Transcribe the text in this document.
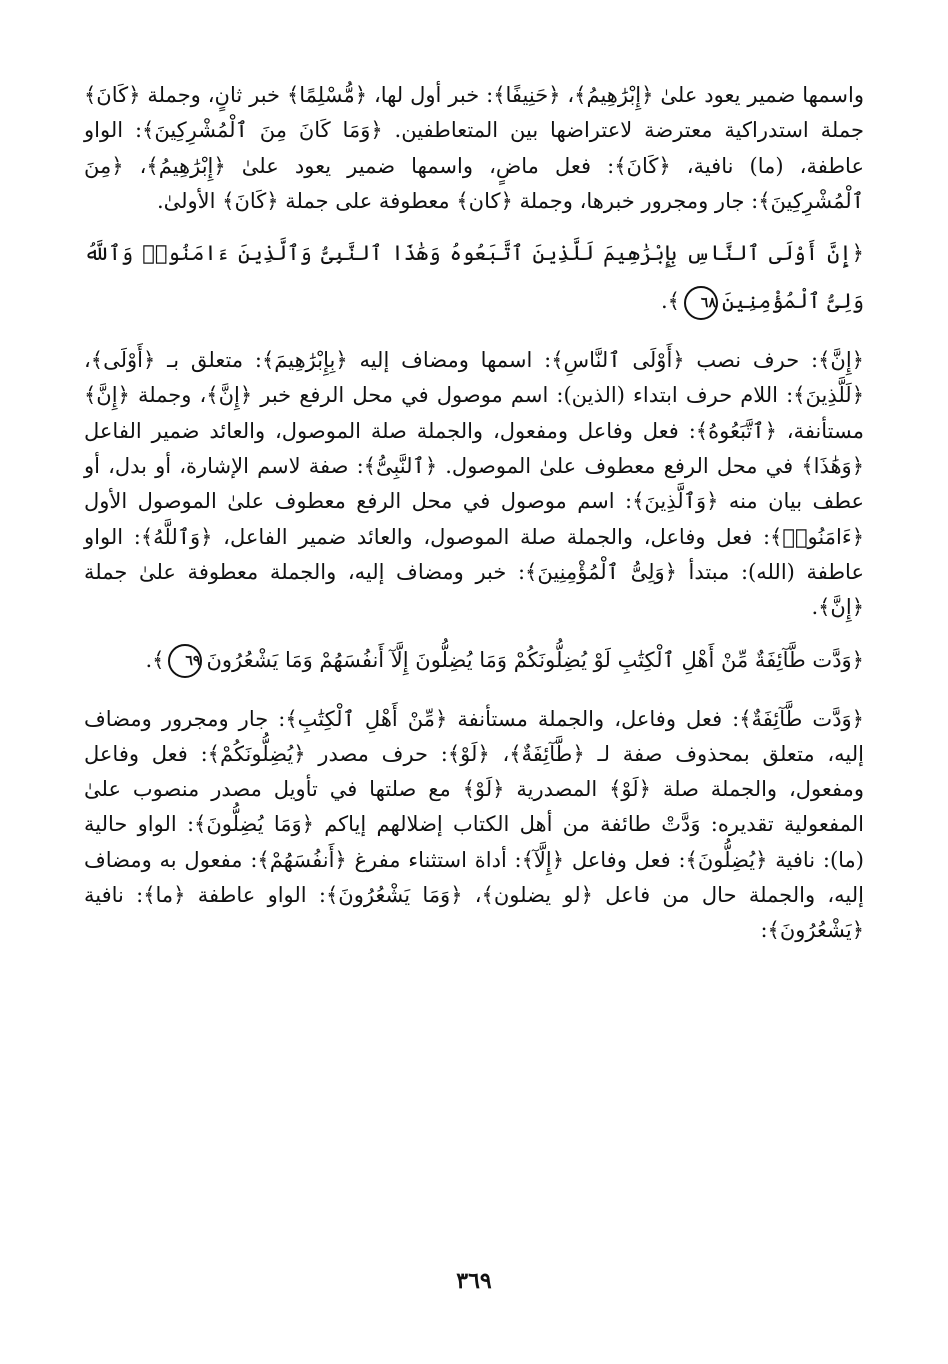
واسمها ضمير يعود علىٰ ﴿إِبْرَٰهِيمُ﴾، ﴿حَنِيفًا﴾: خبر أول لها، ﴿مُّسْلِمًا﴾ خبر ثانٍ، وجملة ﴿كَانَ﴾ جملة استدراكية معترضة لاعتراضها بين المتعاطفين. ﴿وَمَا كَانَ مِنَ ٱلْمُشْرِكِينَ﴾: الواو عاطفة، (ما) نافية، ﴿كَانَ﴾: فعل ماضٍ، واسمها ضمير يعود علىٰ ﴿إِبْرَٰهِيمُ﴾، ﴿مِنَ ٱلْمُشْرِكِينَ﴾: جار ومجرور خبرها، وجملة ﴿كان﴾ معطوفة على جملة ﴿كَانَ﴾ الأولىٰ.

﴿إِنَّ أَوْلَى ٱلنَّاسِ بِإِبْرَٰهِيمَ لَلَّذِينَ ٱتَّبَعُوهُ وَهَٰذَا ٱلنَّبِىُّ وَٱلَّذِينَ ءَامَنُوا۟ وَٱللَّهُ وَلِىُّ ٱلْمُؤْمِنِينَ٦٨﴾.

﴿إِنَّ﴾: حرف نصب ﴿أَوْلَى ٱلنَّاسِ﴾: اسمها ومضاف إليه ﴿بِإِبْرَٰهِيمَ﴾: متعلق بـ ﴿أَوْلَى﴾، ﴿لَلَّذِينَ﴾: اللام حرف ابتداء (الذين): اسم موصول في محل الرفع خبر ﴿إِنَّ﴾، وجملة ﴿إِنَّ﴾ مستأنفة، ﴿ٱتَّبَعُوهُ﴾: فعل وفاعل ومفعول، والجملة صلة الموصول، والعائد ضمير الفاعل ﴿وَهَٰذَا﴾ في محل الرفع معطوف علىٰ الموصول. ﴿ٱلنَّبِىُّ﴾: صفة لاسم الإشارة، أو بدل، أو عطف بيان منه ﴿وَٱلَّذِينَ﴾: اسم موصول في محل الرفع معطوف علىٰ الموصول الأول ﴿ءَامَنُوا۟﴾: فعل وفاعل، والجملة صلة الموصول، والعائد ضمير الفاعل، ﴿وَٱللَّهُ﴾: الواو عاطفة (الله): مبتدأ ﴿وَلِىُّ ٱلْمُؤْمِنِينَ﴾: خبر ومضاف إليه، والجملة معطوفة علىٰ جملة ﴿إِنَّ﴾.

﴿وَدَّت طَّآئِفَةٌ مِّنْ أَهْلِ ٱلْكِتَٰبِ لَوْ يُضِلُّونَكُمْ وَمَا يُضِلُّونَ إِلَّآ أَنفُسَهُمْ وَمَا يَشْعُرُونَ٦٩﴾.

﴿وَدَّت طَّآئِفَةٌ﴾: فعل وفاعل، والجملة مستأنفة ﴿مِّنْ أَهْلِ ٱلْكِتَٰبِ﴾: جار ومجرور ومضاف إليه، متعلق بمحذوف صفة لـ ﴿طَّآئِفَةٌ﴾، ﴿لَوْ﴾: حرف مصدر ﴿يُضِلُّونَكُمْ﴾: فعل وفاعل ومفعول، والجملة صلة ﴿لَوْ﴾ المصدرية ﴿لَوْ﴾ مع صلتها في تأويل مصدر منصوب علىٰ المفعولية تقديره: وَدَّتْ طائفة من أهل الكتاب إضلالهم إياكم ﴿وَمَا يُضِلُّونَ﴾: الواو حالية (ما): نافية ﴿يُضِلُّونَ﴾: فعل وفاعل ﴿إِلَّآ﴾: أداة استثناء مفرغ ﴿أَنفُسَهُمْ﴾: مفعول به ومضاف إليه، والجملة حال من فاعل ﴿لو يضلون﴾، ﴿وَمَا يَشْعُرُونَ﴾: الواو عاطفة ﴿ما﴾: نافية ﴿يَشْعُرُونَ﴾:

٣٦٩
